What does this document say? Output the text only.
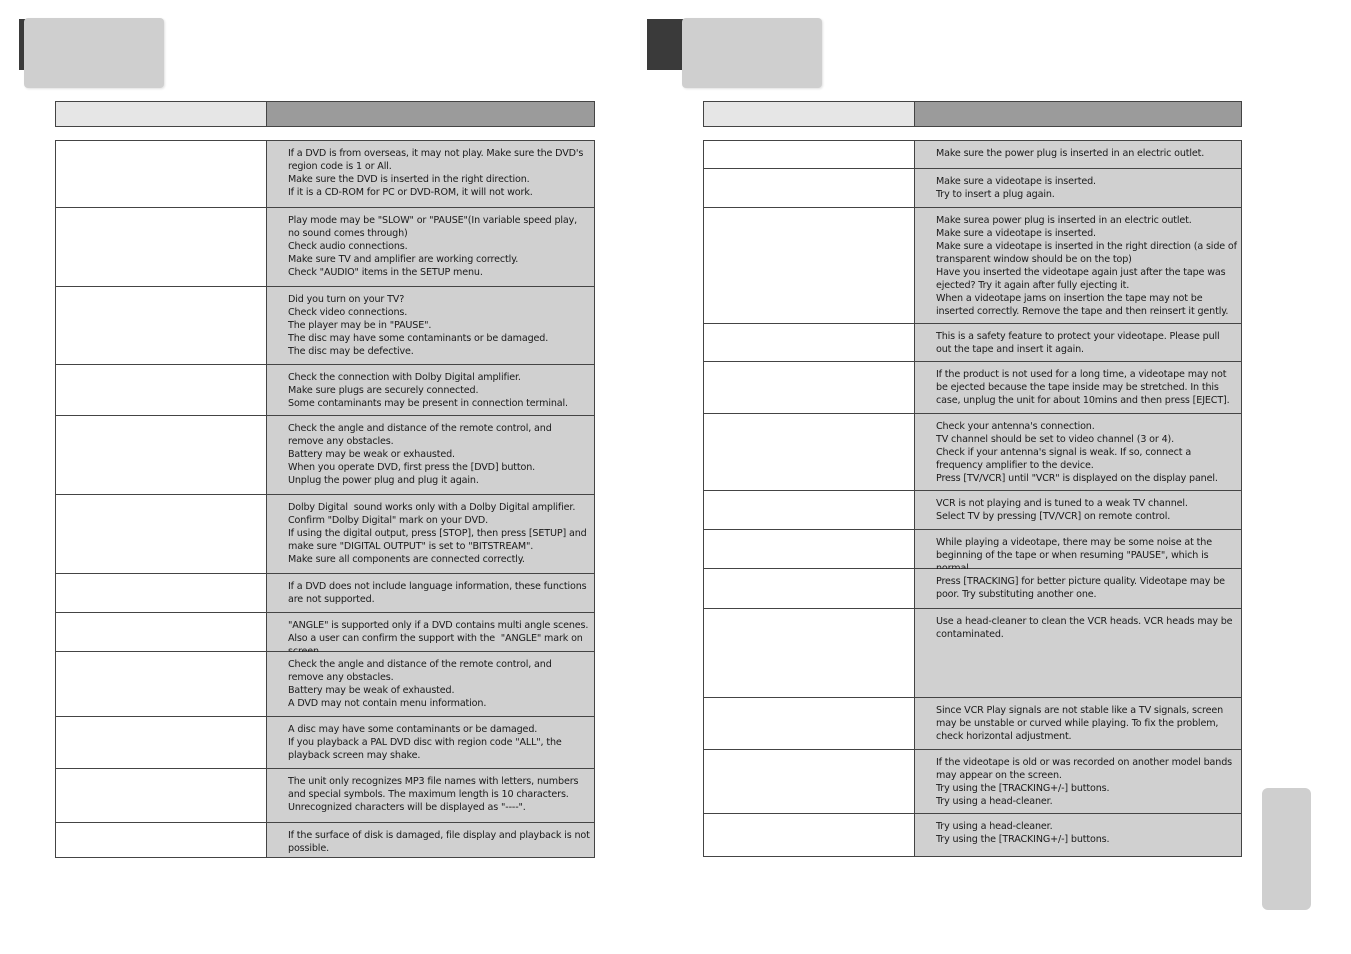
If a DVD is from overseas, it may not play. Make sure the DVD's region code is 1 or All.
Make sure the DVD is inserted in the right direction.
If it is a CD-ROM for PC or DVD-ROM, it will not work.
Play mode may be "SLOW" or "PAUSE"(In variable speed play, no sound comes through)
Check audio connections.
Make sure TV and amplifier are working correctly.
Check "AUDIO" items in the SETUP menu.
Did you turn on your TV?
Check video connections.
The player may be in "PAUSE".
The disc may have some contaminants or be damaged.
The disc may be defective.
Check the connection with Dolby Digital amplifier.
Make sure plugs are securely connected.
Some contaminants may be present in connection terminal.
Check the angle and distance of the remote control, and remove any obstacles.
Battery may be weak or exhausted.
When you operate DVD, first press the [DVD] button.
Unplug the power plug and plug it again.
Dolby Digital  sound works only with a Dolby Digital amplifier.
Confirm "Dolby Digital" mark on your DVD.
If using the digital output, press [STOP], then press [SETUP] and make sure "DIGITAL OUTPUT" is set to "BITSTREAM".
Make sure all components are connected correctly.
If a DVD does not include language information, these functions are not supported.
"ANGLE" is supported only if a DVD contains multi angle scenes. Also a user can confirm the support with the  "ANGLE" mark on
Check the angle and distance of the remote control, and remove any obstacles.
Battery may be weak of exhausted.
A DVD may not contain menu information.
A disc may have some contaminants or be damaged.
If you playback a PAL DVD disc with region code "ALL", the playback screen may shake.
The unit only recognizes MP3 file names with letters, numbers and special symbols. The maximum length is 10 characters.
Unrecognized characters will be displayed as "----".
If the surface of disk is damaged, file display and playback is not possible.
Make sure the power plug is inserted in an electric outlet.
Make sure a videotape is inserted.
Try to insert a plug again.
Make surea power plug is inserted in an electric outlet.
Make sure a videotape is inserted.
Make sure a videotape is inserted in the right direction (a side of transparent window should be on the top)
Have you inserted the videotape again just after the tape was ejected? Try it again after fully ejecting it.
When a videotape jams on insertion the tape may not be inserted correctly. Remove the tape and then reinsert it gently.
This is a safety feature to protect your videotape. Please pull out the tape and insert it again.
If the product is not used for a long time, a videotape may not be ejected because the tape inside may be stretched. In this case, unplug the unit for about 10mins and then press [EJECT].
Check your antenna's connection.
TV channel should be set to video channel (3 or 4).
Check if your antenna's signal is weak. If so, connect a frequency amplifier to the device.
Press [TV/VCR] until "VCR" is displayed on the display panel.
VCR is not playing and is tuned to a weak TV channel.
Select TV by pressing [TV/VCR] on remote control.
While playing a videotape, there may be some noise at the beginning of the tape or when resuming "PAUSE", which is
Press [TRACKING] for better picture quality. Videotape may be poor. Try substituting another one.
Use a head-cleaner to clean the VCR heads. VCR heads may be contaminated.
Since VCR Play signals are not stable like a TV signals, screen may be unstable or curved while playing. To fix the problem, check horizontal adjustment.
If the videotape is old or was recorded on another model bands may appear on the screen.
Try using the [TRACKING+/-] buttons.
Try using a head-cleaner.
Try using a head-cleaner.
Try using the [TRACKING+/-] buttons.
